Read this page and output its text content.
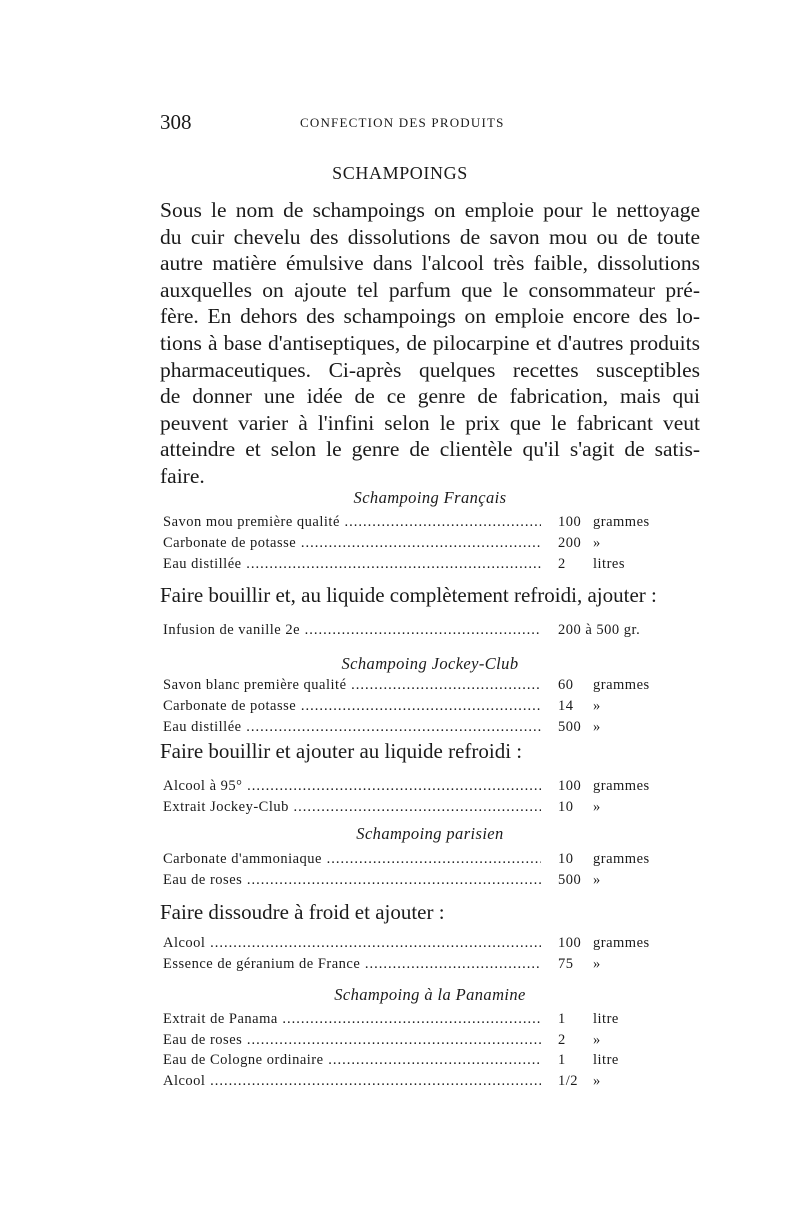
308	CONFECTION DES PRODUITS
SCHAMPOINGS
Sous le nom de schampoings on emploie pour le nettoyage
du cuir chevelu des dissolutions de savon mou ou de toute
autre matière émulsive dans l'alcool très faible, dissolutions
auxquelles on ajoute tel parfum que le consommateur pré-
fère. En dehors des schampoings on emploie encore des lo-
tions à base d'antiseptiques, de pilocarpine et d'autres produits
pharmaceutiques. Ci-après quelques recettes susceptibles
de donner une idée de ce genre de fabrication, mais qui
peuvent varier à l'infini selon le prix que le fabricant veut
atteindre et selon le genre de clientèle qu'il s'agit de satis-
faire.
Schampoing Français
Savon mou première qualité .....	100 grammes
Carbonate de potasse .....	200 »
Eau distillée .....	2 litres
Faire bouillir et, au liquide complètement refroidi, ajouter :
Infusion de vanille 2e .....	200 à 500 gr.
Schampoing Jockey-Club
Savon blanc première qualité .....	60 grammes
Carbonate de potasse .....	14 »
Eau distillée .....	500 »
Faire bouillir et ajouter au liquide refroidi :
Alcool à 95° .....	100 grammes
Extrait Jockey-Club .....	10 »
Schampoing parisien
Carbonate d'ammoniaque .....	10 grammes
Eau de roses .....	500 »
Faire dissoudre à froid et ajouter :
Alcool .....	100 grammes
Essence de géranium de France .....	75 »
Schampoing à la Panamine
Extrait de Panama .....	1 litre
Eau de roses .....	2 »
Eau de Cologne ordinaire .....	1 litre
Alcool .....	1/2 »
